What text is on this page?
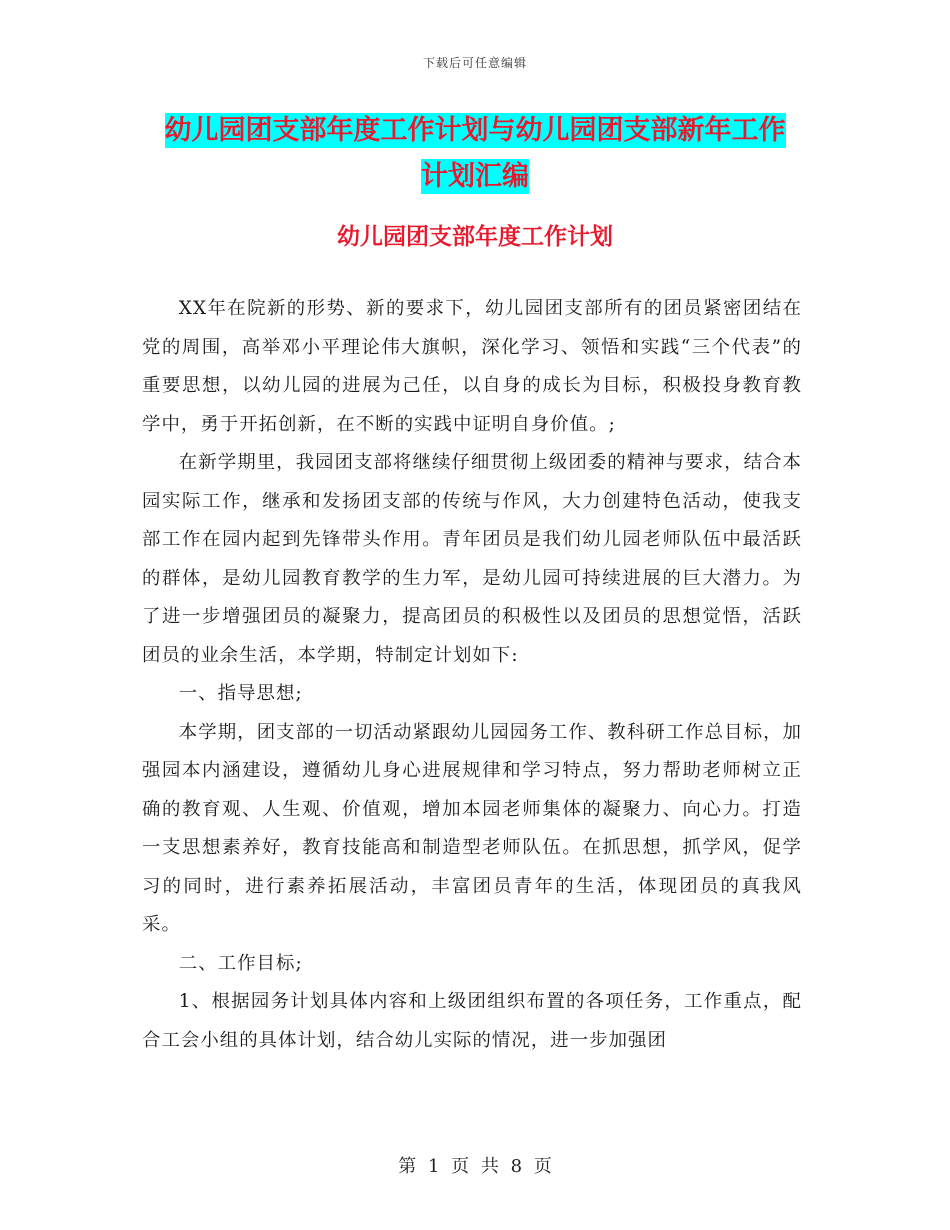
下载后可任意编辑
幼儿园团支部年度工作计划与幼儿园团支部新年工作
计划汇编
幼儿园团支部年度工作计划

XX年在院新的形势、新的要求下，幼儿园团支部所有的团员紧密团结在党的周围，高举邓小平理论伟大旗帜，深化学习、领悟和实践“三个代表”的重要思想，以幼儿园的进展为己任，以自身的成长为目标，积极投身教育教学中，勇于开拓创新，在不断的实践中证明自身价值。;

在新学期里，我园团支部将继续仔细贯彻上级团委的精神与要求，结合本园实际工作，继承和发扬团支部的传统与作风，大力创建特色活动，使我支部工作在园内起到先锋带头作用。青年团员是我们幼儿园老师队伍中最活跃的群体，是幼儿园教育教学的生力军，是幼儿园可持续进展的巨大潜力。为了进一步增强团员的凝聚力，提高团员的积极性以及团员的思想觉悟，活跃团员的业余生活，本学期，特制定计划如下:

一、指导思想;

本学期，团支部的一切活动紧跟幼儿园园务工作、教科研工作总目标，加强园本内涵建设，遵循幼儿身心进展规律和学习特点，努力帮助老师树立正确的教育观、人生观、价值观，增加本园老师集体的凝聚力、向心力。打造一支思想素养好，教育技能高和制造型老师队伍。在抓思想，抓学风，促学习的同时，进行素养拓展活动，丰富团员青年的生活，体现团员的真我风采。

二、工作目标;

1、根据园务计划具体内容和上级团组织布置的各项任务，工作重点，配合工会小组的具体计划，结合幼儿实际的情况，进一步加强团

第 1 页 共 8 页
